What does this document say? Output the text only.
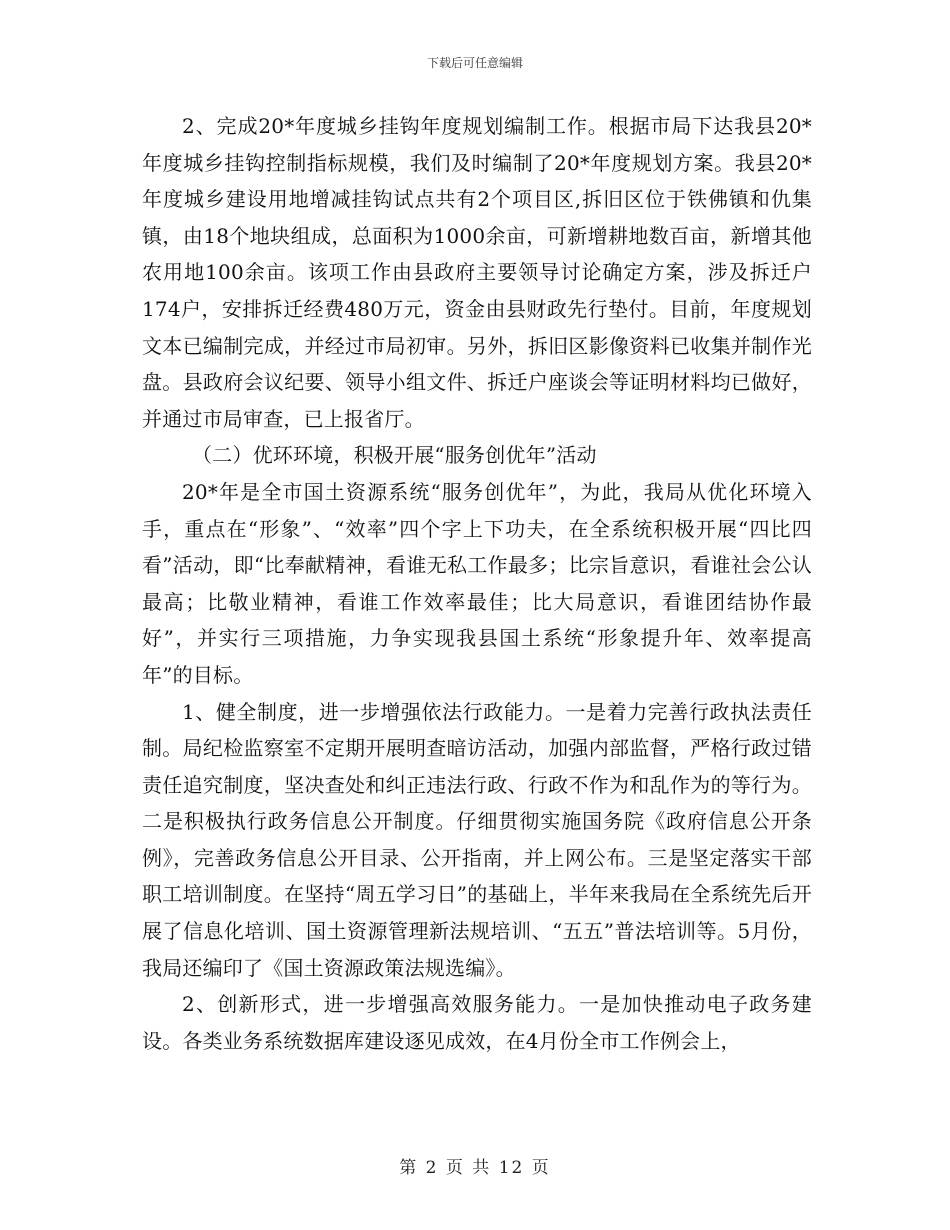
下载后可任意编辑

2、完成20*年度城乡挂钩年度规划编制工作。根据市局下达我县20*年度城乡挂钩控制指标规模，我们及时编制了20*年度规划方案。我县20*年度城乡建设用地增减挂钩试点共有2个项目区,拆旧区位于铁佛镇和仇集镇，由18个地块组成，总面积为1000余亩，可新增耕地数百亩，新增其他农用地100余亩。该项工作由县政府主要领导讨论确定方案，涉及拆迁户174户，安排拆迁经费480万元，资金由县财政先行垫付。目前，年度规划文本已编制完成，并经过市局初审。另外，拆旧区影像资料已收集并制作光盘。县政府会议纪要、领导小组文件、拆迁户座谈会等证明材料均已做好，并通过市局审查，已上报省厅。

（二）优环环境，积极开展“服务创优年”活动

20*年是全市国土资源系统“服务创优年”，为此，我局从优化环境入手，重点在“形象”、“效率”四个字上下功夫，在全系统积极开展“四比四看”活动，即“比奉献精神，看谁无私工作最多；比宗旨意识，看谁社会公认最高；比敬业精神，看谁工作效率最佳；比大局意识，看谁团结协作最好”，并实行三项措施，力争实现我县国土系统“形象提升年、效率提高年”的目标。

1、健全制度，进一步增强依法行政能力。一是着力完善行政执法责任制。局纪检监察室不定期开展明查暗访活动，加强内部监督，严格行政过错责任追究制度，坚决查处和纠正违法行政、行政不作为和乱作为的等行为。二是积极执行政务信息公开制度。仔细贯彻实施国务院《政府信息公开条例》，完善政务信息公开目录、公开指南，并上网公布。三是坚定落实干部职工培训制度。在坚持“周五学习日”的基础上，半年来我局在全系统先后开展了信息化培训、国土资源管理新法规培训、“五五”普法培训等。5月份，我局还编印了《国土资源政策法规选编》。

2、创新形式，进一步增强高效服务能力。一是加快推动电子政务建设。各类业务系统数据库建设逐见成效，在4月份全市工作例会上，

第 2 页 共 12 页
